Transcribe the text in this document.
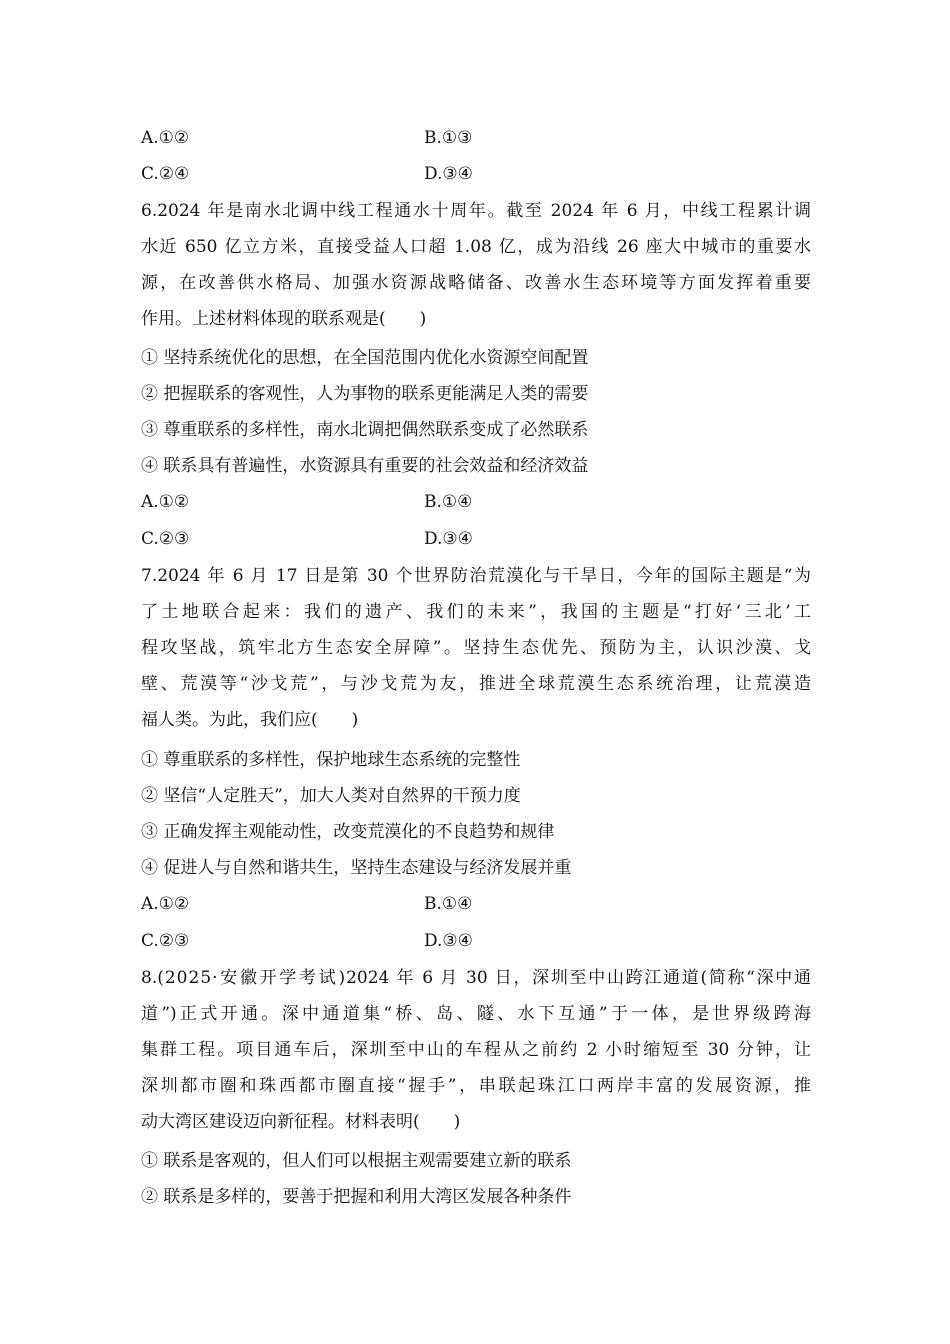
A.①②	B.①③
C.②④	D.③④
6.2024 年是南水北调中线工程通水十周年。截至 2024 年 6 月，中线工程累计调
水近 650 亿立方米，直接受益人口超 1.08 亿，成为沿线 26 座大中城市的重要水
源，在改善供水格局、加强水资源战略储备、改善水生态环境等方面发挥着重要
作用。上述材料体现的联系观是(　　)
① 坚持系统优化的思想，在全国范围内优化水资源空间配置
② 把握联系的客观性，人为事物的联系更能满足人类的需要
③ 尊重联系的多样性，南水北调把偶然联系变成了必然联系
④ 联系具有普遍性，水资源具有重要的社会效益和经济效益
A.①②	B.①④
C.②③	D.③④
7.2024 年 6 月 17 日是第 30 个世界防治荒漠化与干旱日，今年的国际主题是“为
了土地联合起来：我们的遗产、我们的未来”，我国的主题是“打好‘三北’工
程攻坚战，筑牢北方生态安全屏障”。坚持生态优先、预防为主，认识沙漠、戈
壁、荒漠等“沙戈荒”，与沙戈荒为友，推进全球荒漠生态系统治理，让荒漠造
福人类。为此，我们应(　　)
① 尊重联系的多样性，保护地球生态系统的完整性
② 坚信“人定胜天”，加大人类对自然界的干预力度
③ 正确发挥主观能动性，改变荒漠化的不良趋势和规律
④ 促进人与自然和谐共生，坚持生态建设与经济发展并重
A.①②	B.①④
C.②③	D.③④
8.(2025·安徽开学考试)2024 年 6 月 30 日，深圳至中山跨江通道(简称“深中通
道”)正式开通。深中通道集“桥、岛、隧、水下互通”于一体，是世界级跨海
集群工程。项目通车后，深圳至中山的车程从之前约 2 小时缩短至 30 分钟，让
深圳都市圈和珠西都市圈直接“握手”，串联起珠江口两岸丰富的发展资源，推
动大湾区建设迈向新征程。材料表明(　　)
① 联系是客观的，但人们可以根据主观需要建立新的联系
② 联系是多样的，要善于把握和利用大湾区发展各种条件
